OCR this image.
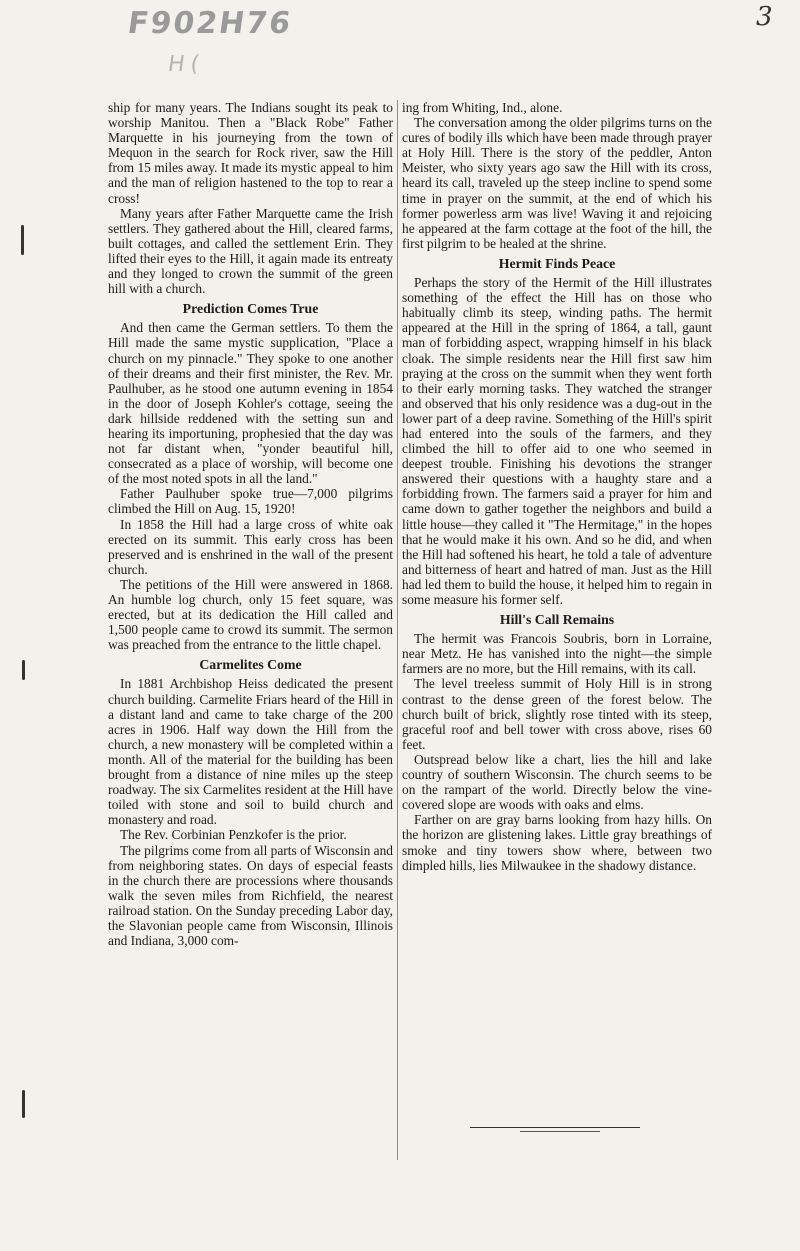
F902H76
H(
3

ship for many years. The Indians sought its peak to worship Manitou. Then a "Black Robe" Father Marquette in his journeying from the town of Mequon in the search for Rock river, saw the Hill from 15 miles away. It made its mystic appeal to him and the man of religion hastened to the top to rear a cross!

Many years after Father Marquette came the Irish settlers. They gathered about the Hill, cleared farms, built cottages, and called the settlement Erin. They lifted their eyes to the Hill, it again made its entreaty and they longed to crown the summit of the green hill with a church.

Prediction Comes True

And then came the German settlers. To them the Hill made the same mystic supplication, "Place a church on my pinnacle." They spoke to one another of their dreams and their first minister, the Rev. Mr. Paulhuber, as he stood one autumn evening in 1854 in the door of Joseph Kohler's cottage, seeing the dark hillside reddened with the setting sun and hearing its importuning, prophesied that the day was not far distant when, "yonder beautiful hill, consecrated as a place of worship, will become one of the most noted spots in all the land."

Father Paulhuber spoke true—7,000 pilgrims climbed the Hill on Aug. 15, 1920!

In 1858 the Hill had a large cross of white oak erected on its summit. This early cross has been preserved and is enshrined in the wall of the present church.

The petitions of the Hill were answered in 1868. An humble log church, only 15 feet square, was erected, but at its dedication the Hill called and 1,500 people came to crowd its summit. The sermon was preached from the entrance to the little chapel.

Carmelites Come

In 1881 Archbishop Heiss dedicated the present church building. Carmelite Friars heard of the Hill in a distant land and came to take charge of the 200 acres in 1906. Half way down the Hill from the church, a new monastery will be completed within a month. All of the material for the building has been brought from a distance of nine miles up the steep roadway. The six Carmelites resident at the Hill have toiled with stone and soil to build church and monastery and road.

The Rev. Corbinian Penzkofer is the prior.

The pilgrims come from all parts of Wisconsin and from neighboring states. On days of especial feasts in the church there are processions where thousands walk the seven miles from Richfield, the nearest railroad station. On the Sunday preceding Labor day, the Slavonian people came from Wisconsin, Illinois and Indiana, 3,000 com-

ing from Whiting, Ind., alone.

The conversation among the older pilgrims turns on the cures of bodily ills which have been made through prayer at Holy Hill. There is the story of the peddler, Anton Meister, who sixty years ago saw the Hill with its cross, heard its call, traveled up the steep incline to spend some time in prayer on the summit, at the end of which his former powerless arm was live! Waving it and rejoicing he appeared at the farm cottage at the foot of the hill, the first pilgrim to be healed at the shrine.

Hermit Finds Peace

Perhaps the story of the Hermit of the Hill illustrates something of the effect the Hill has on those who habitually climb its steep, winding paths. The hermit appeared at the Hill in the spring of 1864, a tall, gaunt man of forbidding aspect, wrapping himself in his black cloak. The simple residents near the Hill first saw him praying at the cross on the summit when they went forth to their early morning tasks. They watched the stranger and observed that his only residence was a dug-out in the lower part of a deep ravine. Something of the Hill's spirit had entered into the souls of the farmers, and they climbed the hill to offer aid to one who seemed in deepest trouble. Finishing his devotions the stranger answered their questions with a haughty stare and a forbidding frown. The farmers said a prayer for him and came down to gather together the neighbors and build a little house—they called it "The Hermitage," in the hopes that he would make it his own. And so he did, and when the Hill had softened his heart, he told a tale of adventure and bitterness of heart and hatred of man. Just as the Hill had led them to build the house, it helped him to regain in some measure his former self.

Hill's Call Remains

The hermit was Francois Soubris, born in Lorraine, near Metz. He has vanished into the night—the simple farmers are no more, but the Hill remains, with its call.

The level treeless summit of Holy Hill is in strong contrast to the dense green of the forest below. The church built of brick, slightly rose tinted with its steep, graceful roof and bell tower with cross above, rises 60 feet.

Outspread below like a chart, lies the hill and lake country of southern Wisconsin. The church seems to be on the rampart of the world. Directly below the vine-covered slope are woods with oaks and elms.

Farther on are gray barns looking from hazy hills. On the horizon are glistening lakes. Little gray breathings of smoke and tiny towers show where, between two dimpled hills, lies Milwaukee in the shadowy distance.
